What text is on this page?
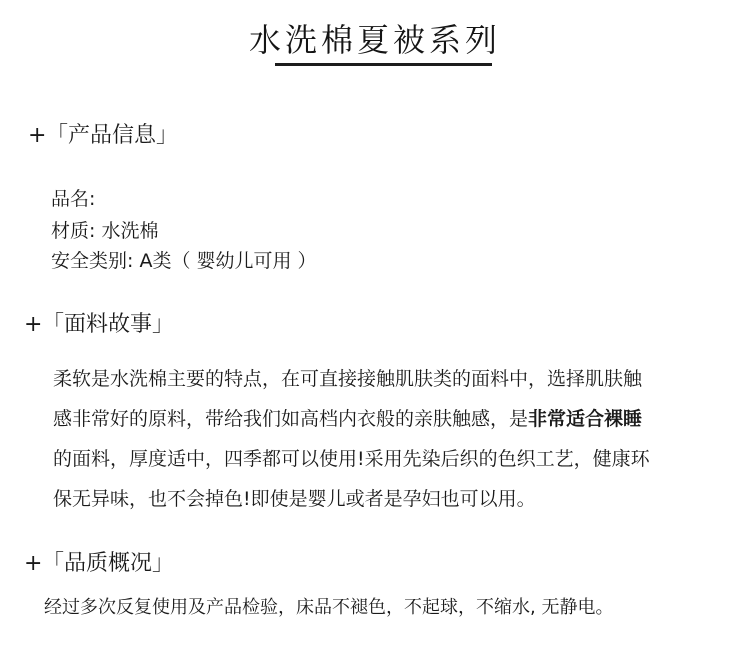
水洗棉夏被系列
+「产品信息」
品名:
材质: 水洗棉
安全类别: A类（ 婴幼儿可用 ）
+「面料故事」
柔软是水洗棉主要的特点，在可直接接触肌肤类的面料中，选择肌肤触
感非常好的原料，带给我们如高档内衣般的亲肤触感，是非常适合裸睡
的面料，厚度适中，四季都可以使用!采用先染后织的色织工艺，健康环
保无异味，也不会掉色!即使是婴儿或者是孕妇也可以用。
+「品质概况」
经过多次反复使用及产品检验，床品不褪色，不起球，不缩水, 无静电。
